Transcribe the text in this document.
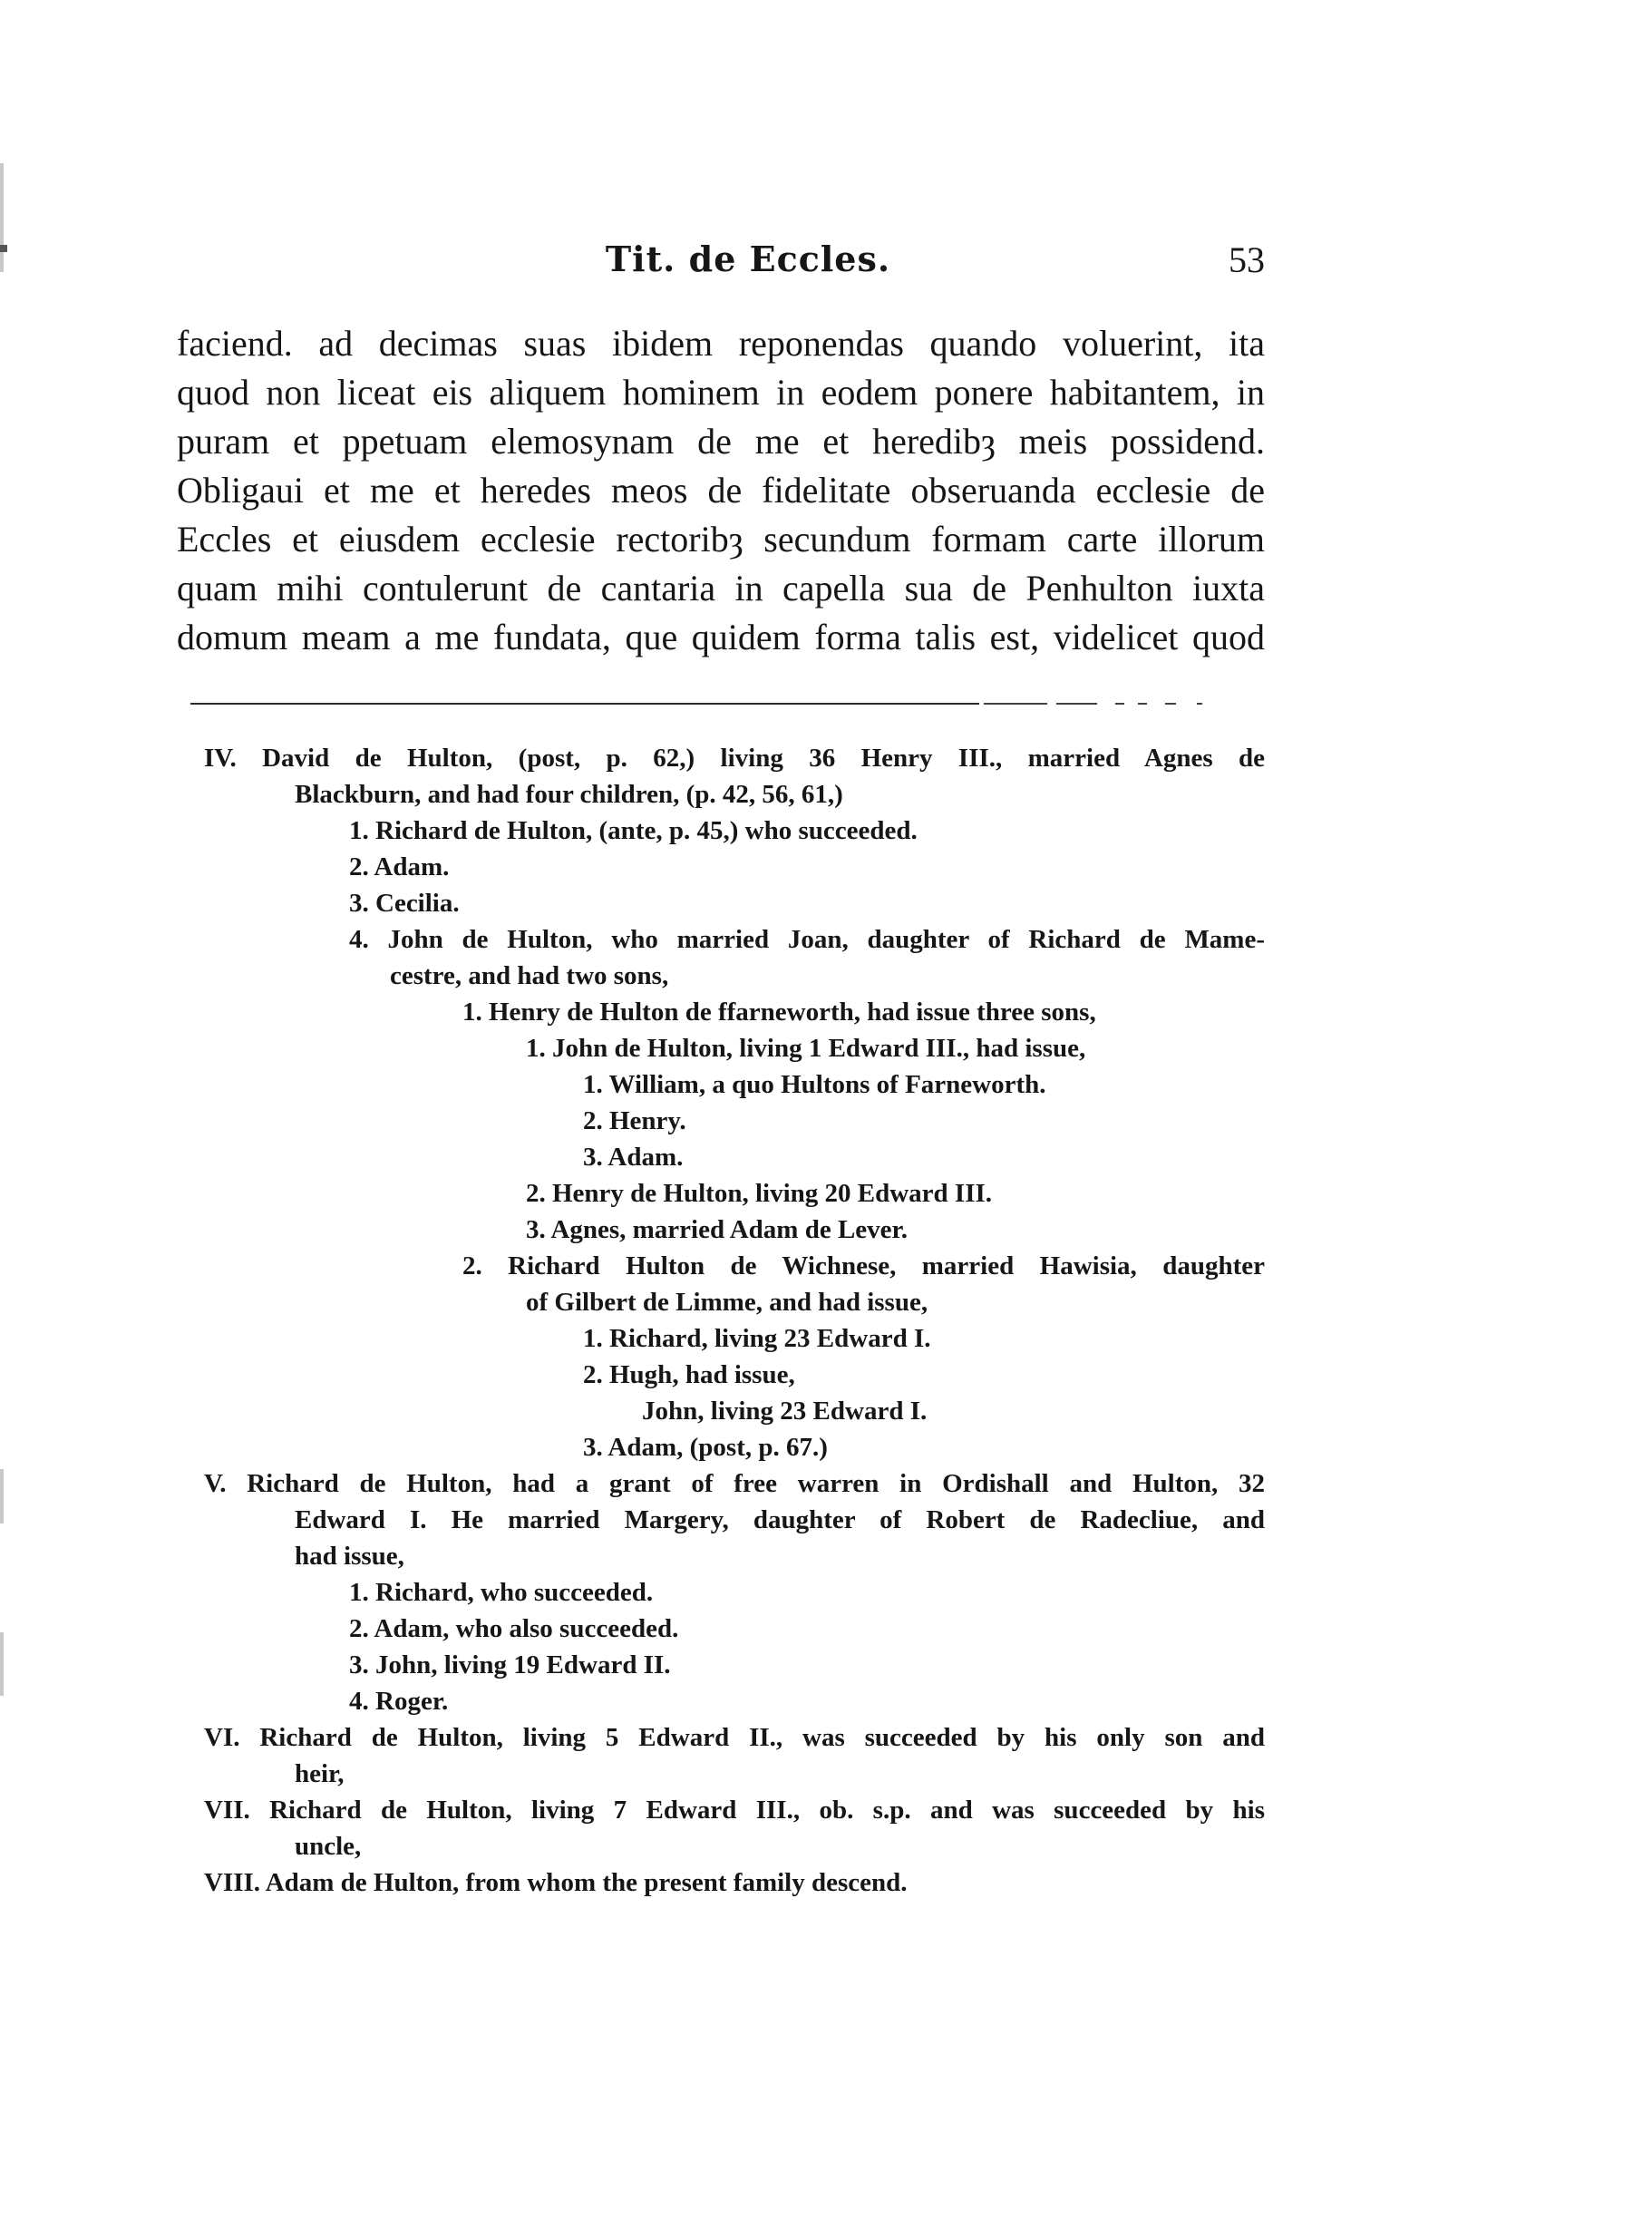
Tit. de Eccles.	53
faciend. ad decimas suas ibidem reponendas quando voluerint, ita
quod non liceat eis aliquem hominem in eodem ponere habitantem, in
puram et ppetuam elemosynam de me et heredibȝ meis possidend.
Obligaui et me et heredes meos de fidelitate obseruanda ecclesie de
Eccles et eiusdem ecclesie rectoribȝ secundum formam carte illorum
quam mihi contulerunt de cantaria in capella sua de Penhulton iuxta
domum meam a me fundata, que quidem forma talis est, videlicet quod
IV. David de Hulton, (post, p. 62,) living 36 Henry III., married Agnes de
Blackburn, and had four children, (p. 42, 56, 61,)
1. Richard de Hulton, (ante, p. 45,) who succeeded.
2. Adam.
3. Cecilia.
4. John de Hulton, who married Joan, daughter of Richard de Mame-
cestre, and had two sons,
1. Henry de Hulton de ffarneworth, had issue three sons,
1. John de Hulton, living 1 Edward III., had issue,
1. William, a quo Hultons of Farneworth.
2. Henry.
3. Adam.
2. Henry de Hulton, living 20 Edward III.
3. Agnes, married Adam de Lever.
2. Richard Hulton de Wichnese, married Hawisia, daughter
of Gilbert de Limme, and had issue,
1. Richard, living 23 Edward I.
2. Hugh, had issue,
John, living 23 Edward I.
3. Adam, (post, p. 67.)
V. Richard de Hulton, had a grant of free warren in Ordishall and Hulton, 32
Edward I. He married Margery, daughter of Robert de Radecliue, and
had issue,
1. Richard, who succeeded.
2. Adam, who also succeeded.
3. John, living 19 Edward II.
4. Roger.
VI. Richard de Hulton, living 5 Edward II., was succeeded by his only son and
heir,
VII. Richard de Hulton, living 7 Edward III., ob. s.p. and was succeeded by his
uncle,
VIII. Adam de Hulton, from whom the present family descend.
